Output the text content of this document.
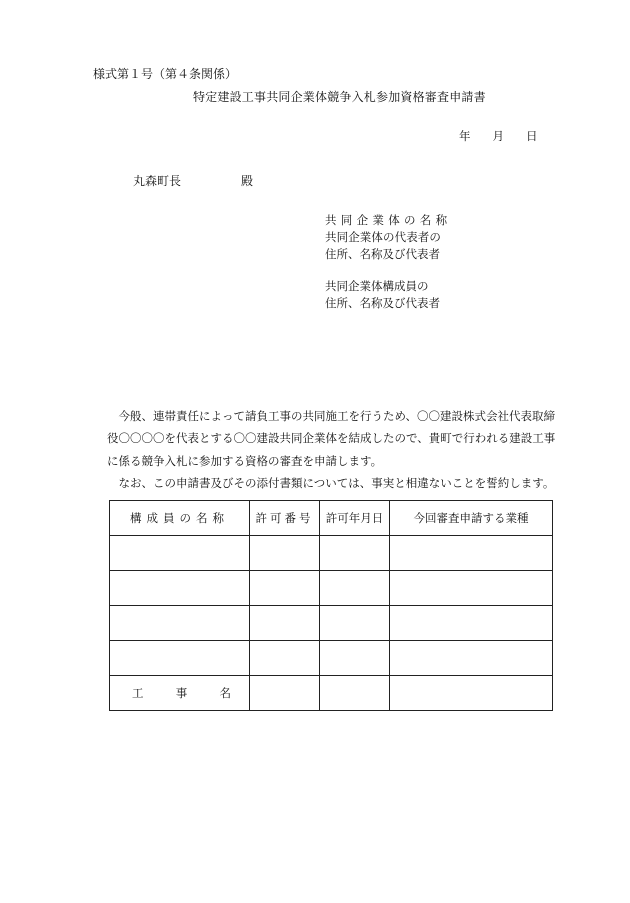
様式第１号（第４条関係）
特定建設工事共同企業体競争入札参加資格審査申請書
年 月 日
丸森町長	殿
共同企業体の名称
共同企業体の代表者の
住所、名称及び代表者
共同企業体構成員の
住所、名称及び代表者

今般、連帯責任によって請負工事の共同施工を行うため、〇〇建設株式会社代表取締

役〇〇〇〇を代表とする〇〇建設共同企業体を結成したので、貴町で行われる建設工事
に係る競争入札に参加する資格の審査を申請します。

なお、この申請書及びその添付書類については、事実と相違ないことを誓約します。

構成員の名称	許可番号	許可年月日	今回審査申請する業種

工 事 名			
